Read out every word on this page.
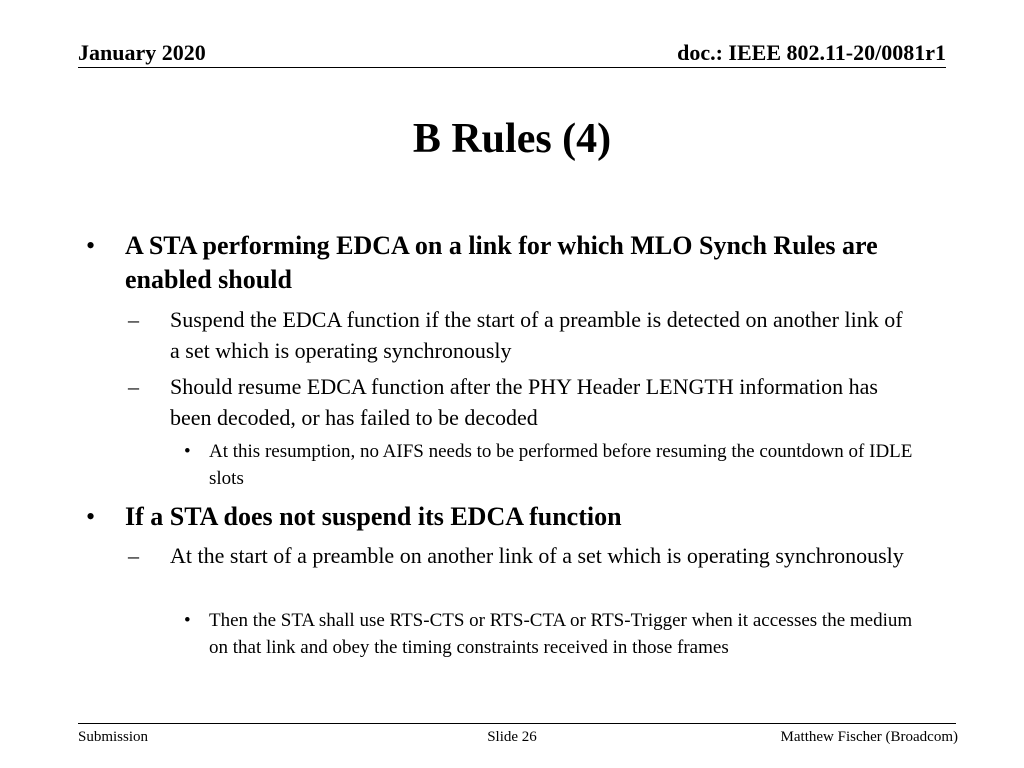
January 2020	doc.: IEEE 802.11-20/0081r1
B Rules (4)
• A STA performing EDCA on a link for which MLO Synch Rules are enabled should
– Suspend the EDCA function if the start of a preamble is detected on another link of a set which is operating synchronously
– Should resume EDCA function after the PHY Header LENGTH information has been decoded, or has failed to be decoded
• At this resumption, no AIFS needs to be performed before resuming the countdown of IDLE slots
• If a STA does not suspend its EDCA function
– At the start of a preamble on another link of a set which is operating synchronously
• Then the STA shall use RTS-CTS or RTS-CTA or RTS-Trigger when it accesses the medium on that link and obey the timing constraints received in those frames
Submission	Slide 26	Matthew Fischer (Broadcom)
